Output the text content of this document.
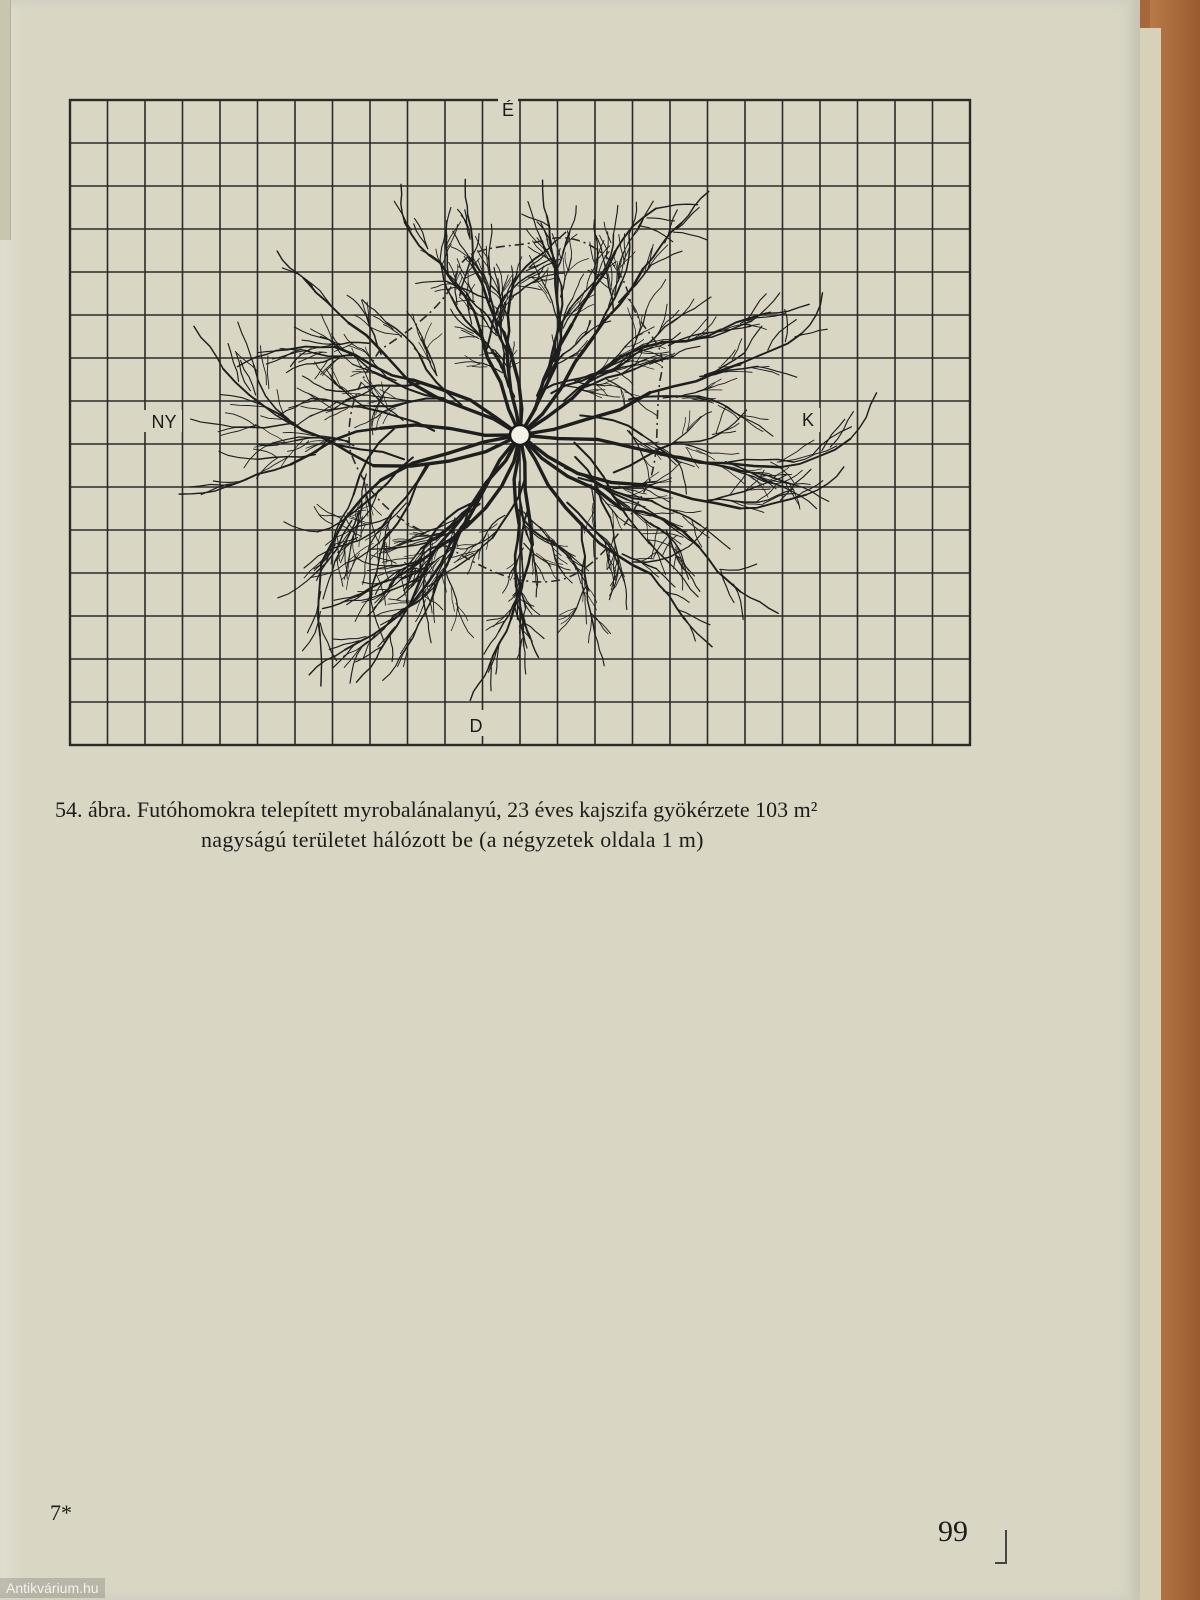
É
D
K
NY
54. ábra. Futóhomokra telepített myrobalánalanyú, 23 éves kajszifa gyökérzete 103 m²
nagyságú területet hálózott be (a négyzetek oldala 1 m)
7*
99
Antikvárium.hu
